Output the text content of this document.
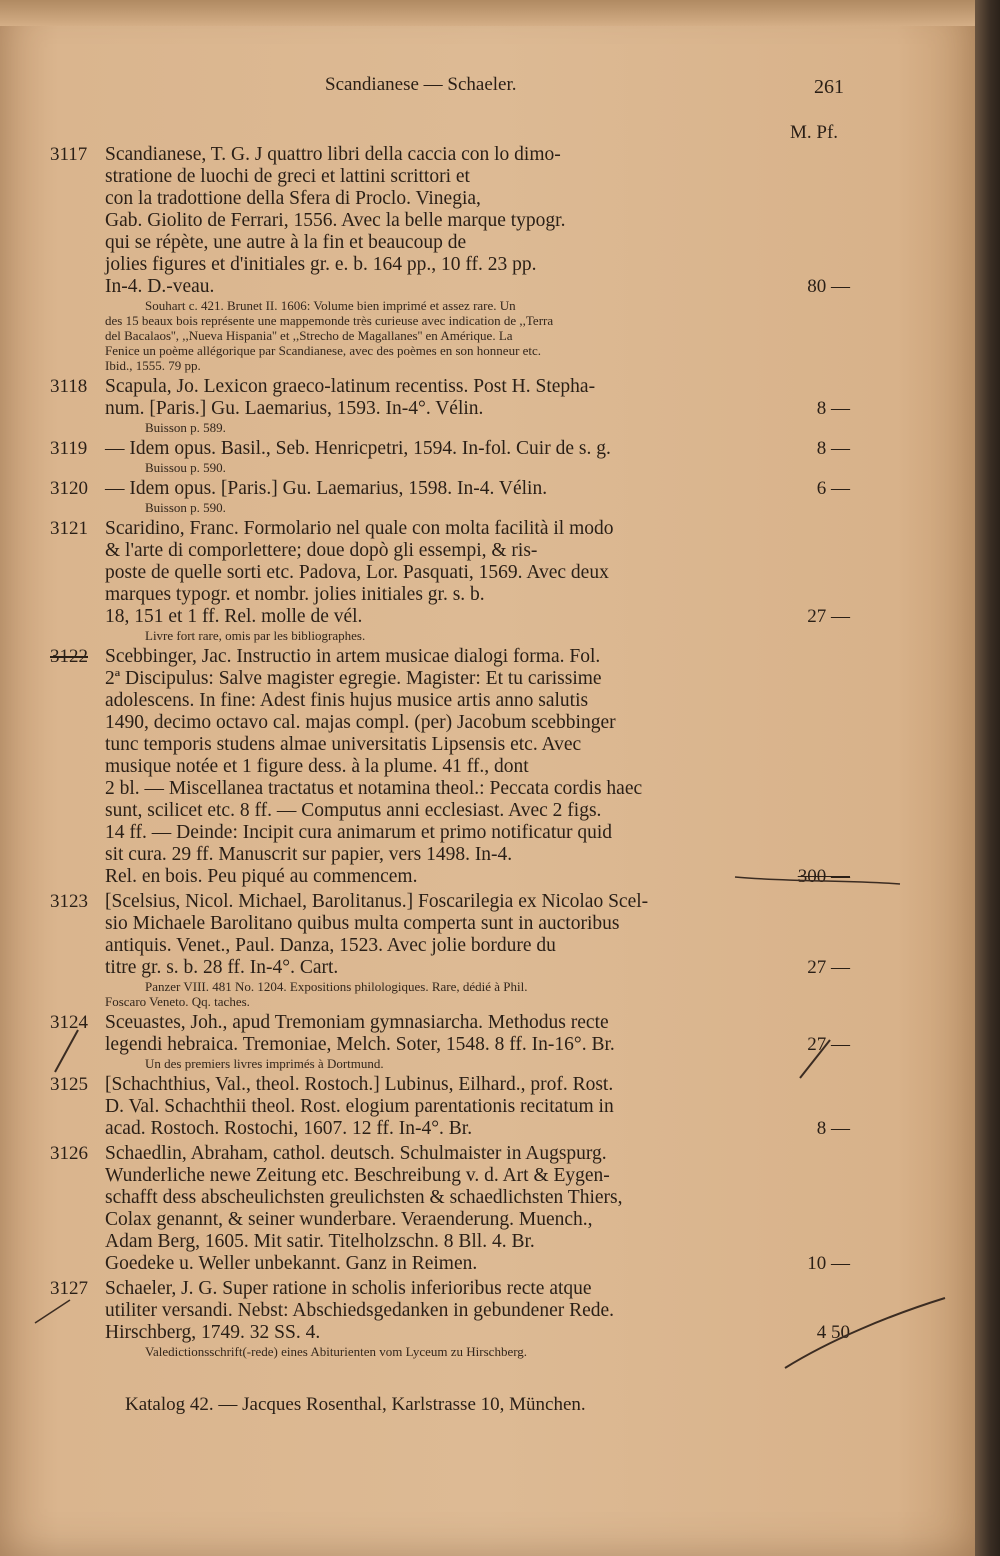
Scandianese — Schaeler.	261
M. Pf.
3117 Scandianese, T. G. J quattro libri della caccia con lo dimo-
stratione de luochi de greci et lattini scrittori et
con la tradottione della Sfera di Proclo. Vinegia,
Gab. Giolito de Ferrari, 1556. Avec la belle marque typogr.
qui se répète, une autre à la fin et beaucoup de
jolies figures et d'initiales gr. e. b. 164 pp., 10 ff. 23 pp.
In-4. D.-veau.	80 —
Souhart c. 421. Brunet II. 1606: Volume bien imprimé et assez rare. Un
des 15 beaux bois représente une mappemonde très curieuse avec indication de ,,Terra
del Bacalaos'', ,,Nueva Hispania'' et ,,Strecho de Magallanes'' en Amérique. La
Fenice un poème allégorique par Scandianese, avec des poèmes en son honneur etc.
Ibid., 1555. 79 pp.
3118 Scapula, Jo. Lexicon graeco-latinum recentiss. Post H. Stepha-
num. [Paris.] Gu. Laemarius, 1593. In-4°. Vélin.	8 —
Buisson p. 589.
3119 — Idem opus. Basil., Seb. Henricpetri, 1594. In-fol. Cuir de s. g.	8 —
Buissou p. 590.
3120 — Idem opus. [Paris.] Gu. Laemarius, 1598. In-4. Vélin.	6 —
Buisson p. 590.
3121 Scaridino, Franc. Formolario nel quale con molta facilità il modo
& l'arte di comporlettere; doue dopò gli essempi, & ris-
poste de quelle sorti etc. Padova, Lor. Pasquati, 1569. Avec deux
marques typogr. et nombr. jolies initiales gr. s. b.
18, 151 et 1 ff. Rel. molle de vél.	27 —
Livre fort rare, omis par les bibliographes.
3122 Scebbinger, Jac. Instructio in artem musicae dialogi forma. Fol.
2ª Discipulus: Salve magister egregie. Magister: Et tu carissime
adolescens. In fine: Adest finis hujus musice artis anno salutis
1490, decimo octavo cal. majas compl. (per) Jacobum scebbinger
tunc temporis studens almae universitatis Lipsensis etc. Avec
musique notée et 1 figure dess. à la plume. 41 ff., dont
2 bl. — Miscellanea tractatus et notamina theol.: Peccata cordis haec
sunt, scilicet etc. 8 ff. — Computus anni ecclesiast. Avec 2 figs.
14 ff. — Deinde: Incipit cura animarum et primo notificatur quid
sit cura. 29 ff. Manuscrit sur papier, vers 1498. In-4.
Rel. en bois. Peu piqué au commencem.	300 —
3123 [Scelsius, Nicol. Michael, Barolitanus.] Foscarilegia ex Nicolao Scel-
sio Michaele Barolitano quibus multa comperta sunt in auctoribus
antiquis. Venet., Paul. Danza, 1523. Avec jolie bordure du
titre gr. s. b. 28 ff. In-4°. Cart.	27 —
Panzer VIII. 481 No. 1204. Expositions philologiques. Rare, dédié à Phil.
Foscaro Veneto. Qq. taches.
3124 Sceuastes, Joh., apud Tremoniam gymnasiarcha. Methodus recte
legendi hebraica. Tremoniae, Melch. Soter, 1548. 8 ff. In-16°. Br.	27 —
Un des premiers livres imprimés à Dortmund.
3125 [Schachthius, Val., theol. Rostoch.] Lubinus, Eilhard., prof. Rost.
D. Val. Schachthii theol. Rost. elogium parentationis recitatum in
acad. Rostoch. Rostochi, 1607. 12 ff. In-4°. Br.	8 —
3126 Schaedlin, Abraham, cathol. deutsch. Schulmaister in Augspurg.
Wunderliche newe Zeitung etc. Beschreibung v. d. Art & Eygen-
schafft dess abscheulichsten greulichsten & schaedlichsten Thiers,
Colax genannt, & seiner wunderbare. Veraenderung. Muench.,
Adam Berg, 1605. Mit satir. Titelholzschn. 8 Bll. 4. Br.
Goedeke u. Weller unbekannt. Ganz in Reimen.	10 —
3127 Schaeler, J. G. Super ratione in scholis inferioribus recte atque
utiliter versandi. Nebst: Abschiedsgedanken in gebundener Rede.
Hirschberg, 1749. 32 SS. 4.	4 50
Valedictionsschrift(-rede) eines Abiturienten vom Lyceum zu Hirschberg.
Katalog 42. — Jacques Rosenthal, Karlstrasse 10, München.
